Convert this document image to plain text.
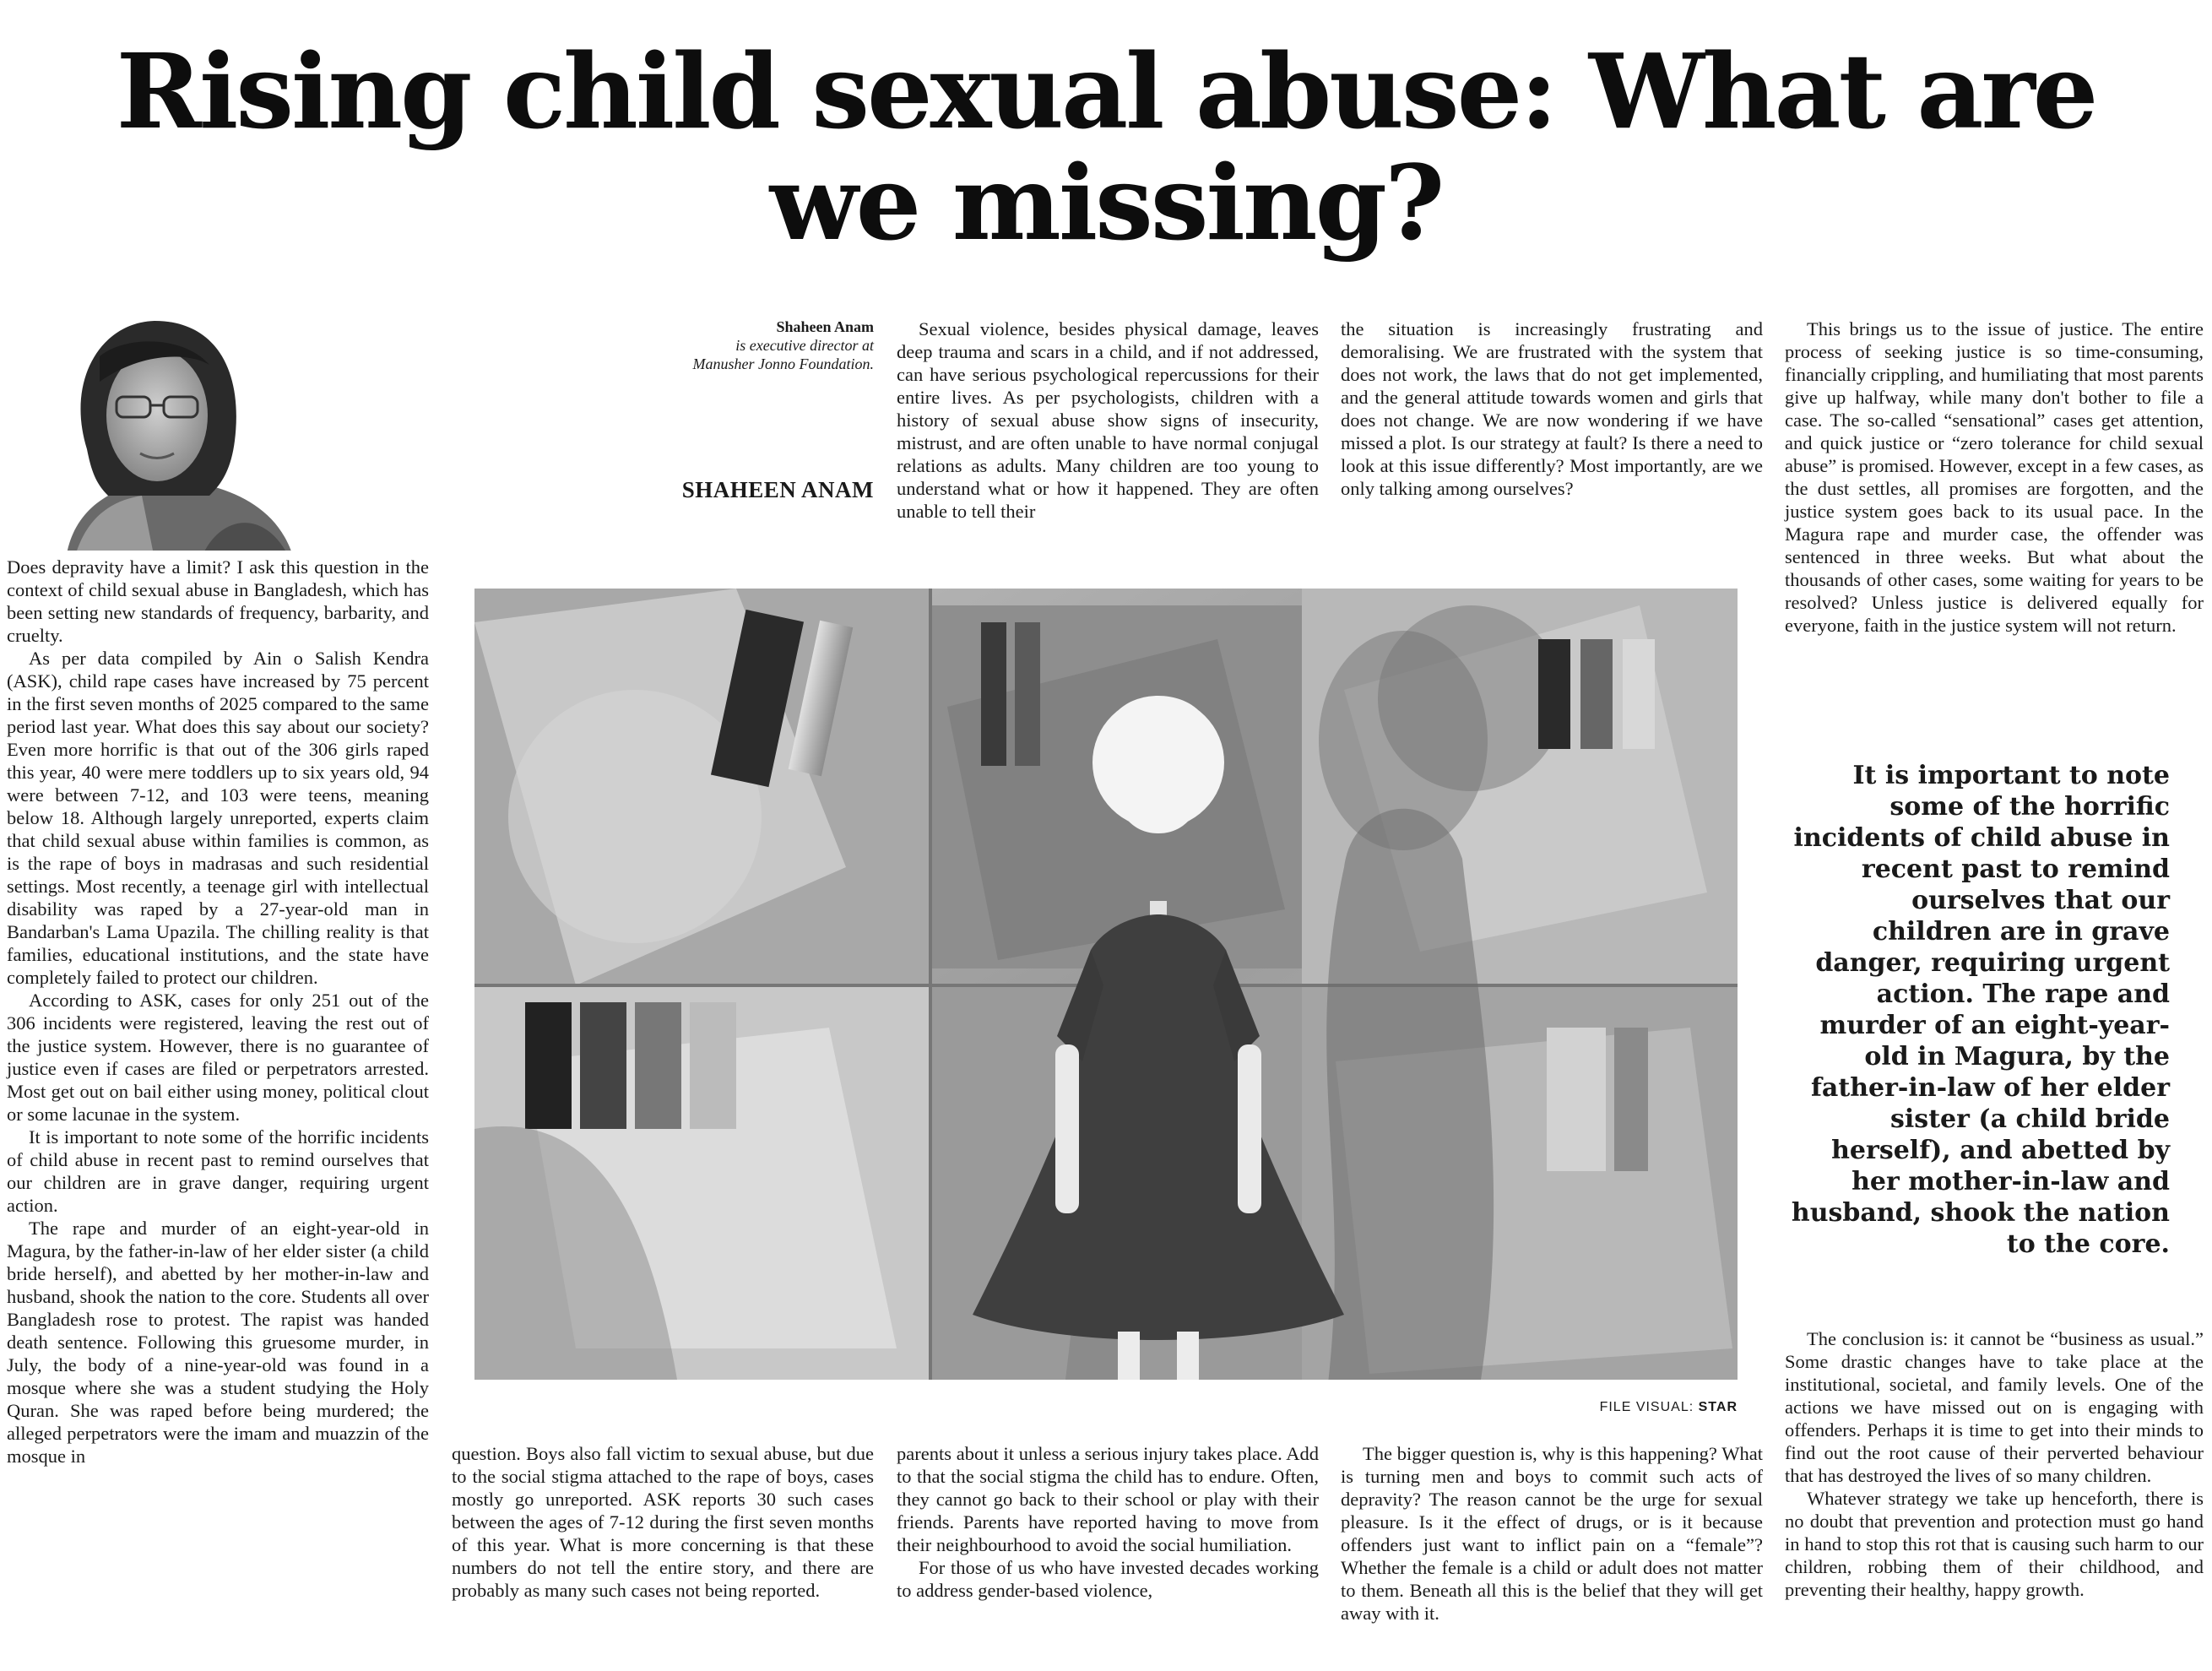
Rising child sexual abuse: What are we missing?
Shaheen Anam
is executive director at
Manusher Jonno Foundation.
SHAHEEN ANAM

Does depravity have a limit? I ask this question in the context of child sexual abuse in Bangladesh, which has been setting new standards of frequency, barbarity, and cruelty.

As per data compiled by Ain o Salish Kendra (ASK), child rape cases have increased by 75 percent in the first seven months of 2025 compared to the same period last year. What does this say about our society? Even more horrific is that out of the 306 girls raped this year, 40 were mere toddlers up to six years old, 94 were between 7-12, and 103 were teens, meaning below 18. Although largely unreported, experts claim that child sexual abuse within families is common, as is the rape of boys in madrasas and such residential settings. Most recently, a teenage girl with intellectual disability was raped by a 27-year-old man in Bandarban's Lama Upazila. The chilling reality is that families, educational institutions, and the state have completely failed to protect our children.

According to ASK, cases for only 251 out of the 306 incidents were registered, leaving the rest out of the justice system. However, there is no guarantee of justice even if cases are filed or perpetrators arrested. Most get out on bail either using money, political clout or some lacunae in the system.

It is important to note some of the horrific incidents of child abuse in recent past to remind ourselves that our children are in grave danger, requiring urgent action.

The rape and murder of an eight-year-old in Magura, by the father-in-law of her elder sister (a child bride herself), and abetted by her mother-in-law and husband, shook the nation to the core. Students all over Bangladesh rose to protest. The rapist was handed death sentence. Following this gruesome murder, in July, the body of a nine-year-old was found in a mosque where she was a student studying the Holy Quran. She was raped before being murdered; the alleged perpetrators were the imam and muazzin of the mosque in	question. Boys also fall victim to sexual abuse, but due to the social stigma attached to the rape of boys, cases mostly go unreported. ASK reports 30 such cases between the ages of 7-12 during the first seven months of this year. What is more concerning is that these numbers do not tell the entire story, and there are probably as many such cases not being reported.

Sexual violence, besides physical damage, leaves deep trauma and scars in a child, and if not addressed, can have serious psychological repercussions for their entire lives. As per psychologists, children with a history of sexual abuse show signs of insecurity, mistrust, and are often unable to have normal conjugal relations as adults. Many children are too young to understand what or how it happened. They are often unable to tell their

parents about it unless a serious injury takes place. Add to that the social stigma the child has to endure. Often, they cannot go back to their school or play with their friends. Parents have reported having to move from their neighbourhood to avoid the social humiliation.

For those of us who have invested decades working to address gender-based violence,

the situation is increasingly frustrating and demoralising. We are frustrated with the system that does not work, the laws that do not get implemented, and the general attitude towards women and girls that does not change. We are now wondering if we have missed a plot. Is our strategy at fault? Is there a need to look at this issue differently? Most importantly, are we only talking among ourselves?

The bigger question is, why is this happening? What is turning men and boys to commit such acts of depravity? The reason cannot be the urge for sexual pleasure. Is it the effect of drugs, or is it because offenders just want to inflict pain on a “female”? Whether the female is a child or adult does not matter to them. Beneath all this is the belief that they will get away with it.

This brings us to the issue of justice. The entire process of seeking justice is so time-consuming, financially crippling, and humiliating that most parents give up halfway, while many don't bother to file a case. The so-called “sensational” cases get attention, and quick justice or “zero tolerance for child sexual abuse” is promised. However, except in a few cases, as the dust settles, all promises are forgotten, and the justice system goes back to its usual pace. In the Magura rape and murder case, the offender was sentenced in three weeks. But what about the thousands of other cases, some waiting for years to be resolved? Unless justice is delivered equally for everyone, faith in the justice system will not return.

It is important to note some of the horrific incidents of child abuse in recent past to remind ourselves that our children are in grave danger, requiring urgent action. The rape and murder of an eight-year-old in Magura, by the father-in-law of her elder sister (a child bride herself), and abetted by her mother-in-law and husband, shook the nation to the core.

The conclusion is: it cannot be “business as usual.” Some drastic changes have to take place at the institutional, societal, and family levels. One of the actions we have missed out on is engaging with offenders. Perhaps it is time to get into their minds to find out the root cause of their perverted behaviour that has destroyed the lives of so many children.

Whatever strategy we take up henceforth, there is no doubt that prevention and protection must go hand in hand to stop this rot that is causing such harm to our children, robbing them of their childhood, and preventing their healthy, happy growth.

FILE VISUAL: STAR
